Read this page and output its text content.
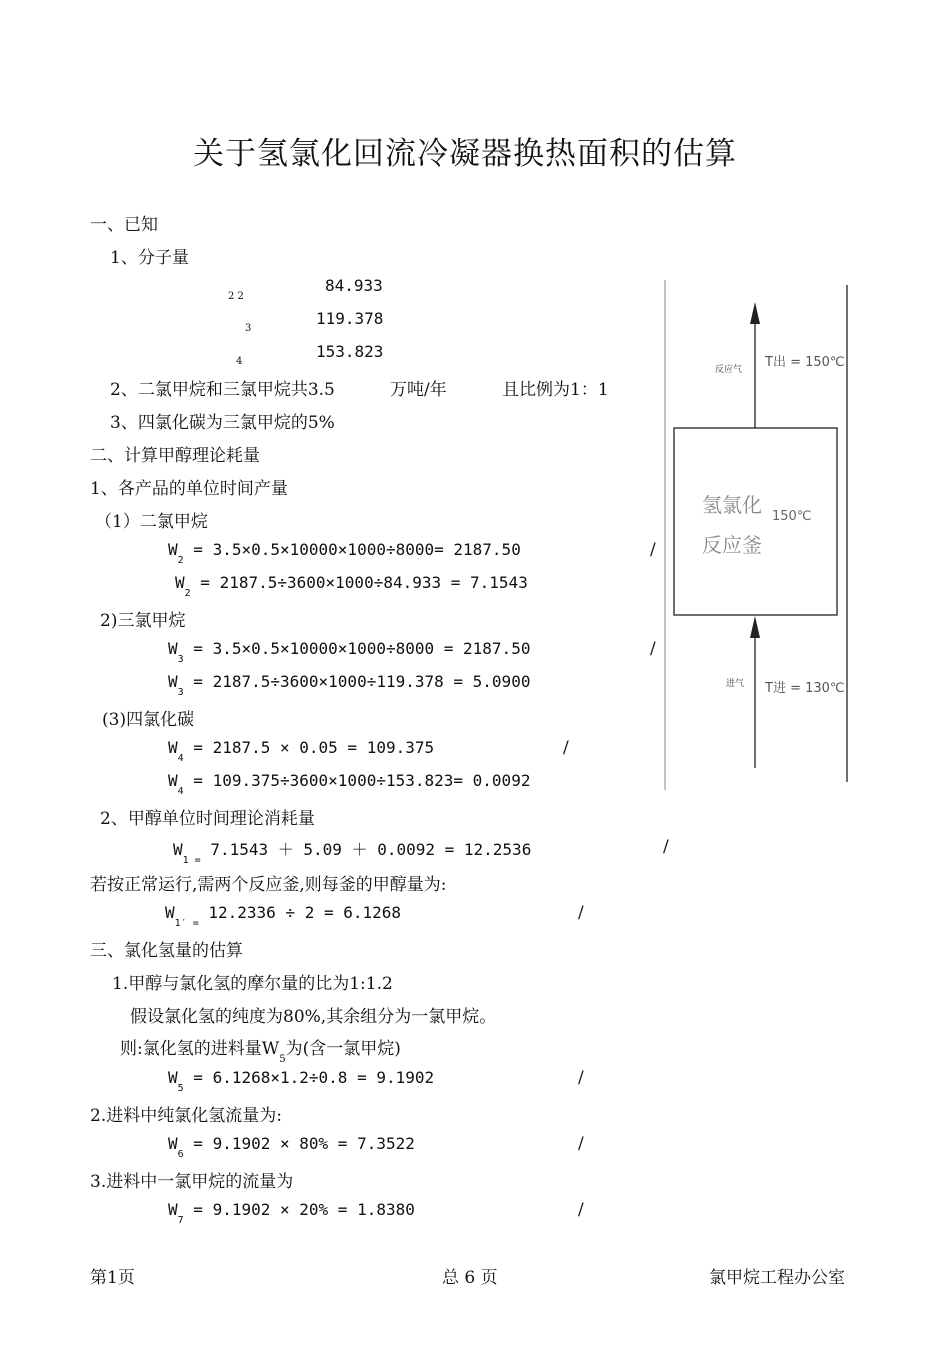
关于氢氯化回流冷凝器换热面积的估算
一、已知
1、分子量
2 2
84.933
3
119.378
4
153.823
2、二氯甲烷和三氯甲烷共3.5	万吨/年	且比例为1：1
3、四氯化碳为三氯甲烷的5%
二、计算甲醇理论耗量
1、各产品的单位时间产量
（1）二氯甲烷
$W_2 = 3.5\times 0.5\times 10000\times 1000\div 8000= 2187.50$	/
$W_2 = 2187.5\div 3600\times 1000\div 84.933 = 7.1543$
2)三氯甲烷
$W_3 = 3.5\times 0.5\times 10000\times 1000\div 8000 = 2187.50$	/
$W_3 = 2187.5\div 3600\times 1000\div 119.378 = 5.0900$
(3)四氯化碳
$W_4 = 2187.5 \times 0.05 = 109.375$	/
$W_4 = 109.375\div 3600\times 1000\div 153.823= 0.0092$
2、甲醇单位时间理论消耗量
$W_{1 =}$ 7.1543 ＋ 5.09 ＋ 0.0092 = 12.2536	/
若按正常运行,需两个反应釜,则每釜的甲醇量为:
$W_{1' =}$ 12.2336 ÷ 2 = 6.1268	/
三、氯化氢量的估算
1.甲醇与氯化氢的摩尔量的比为1:1.2
假设氯化氢的纯度为80%,其余组分为一氯甲烷。
则:氯化氢的进料量$W_5$为(含一氯甲烷)
$W_5 = 6.1268\times 1.2\div 0.8 = 9.1902$	/
2.进料中纯氯化氢流量为:
$W_6 = 9.1902 \times 80\% = 7.3522$	/
3.进料中一氯甲烷的流量为
$W_7 = 9.1902 \times 20\% = 1.8380$	/
反应气 T出 = 150℃
氢氯化
反应釜
150℃
进气 T进 = 130℃
第1页	总 6 页	氯甲烷工程办公室
